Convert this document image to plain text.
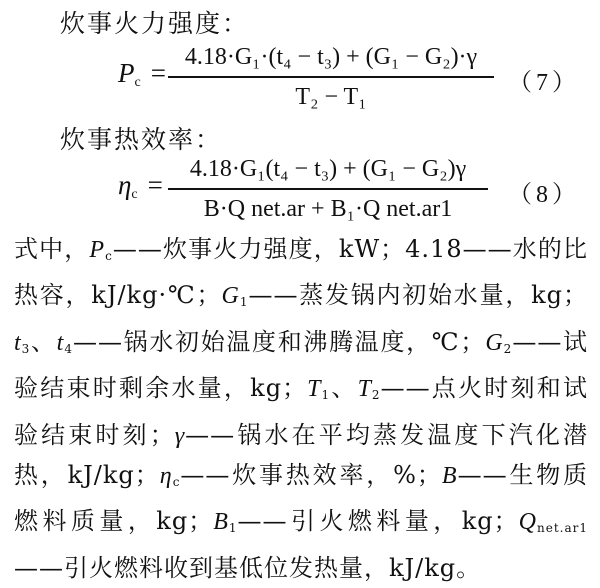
炊事火力强度：
$P_c$ =
4.18·G₁·(t₄ − t₃) + (G₁ − G₂)·γ
T₂ − T₁
（7）
炊事热效率：
$\eta_c$ =
4.18·G₁(t₄ − t₃) + (G₁ − G₂)γ
B·Q net.ar + B₁·Q net.ar1
（8）
式中，$P_c——$炊事火力强度，kW；4.18——水的比热容，kJ/kg·℃；$G_1——$蒸发锅内初始水量，kg；$t_3$、$t_4——$锅水初始温度和沸腾温度，℃；$G_2——$试验结束时剩余水量，kg；$T_1$、$T_2——$点火时刻和试验结束时刻；γ——锅水在平均蒸发温度下汽化潜热，kJ/kg；$\eta_c——$炊事热效率，%；B——生物质燃料质量，kg；$B_1——$引火燃料量，kg；$Q_{net.ar1}——$引火燃料收到基低位发热量，kJ/kg。
